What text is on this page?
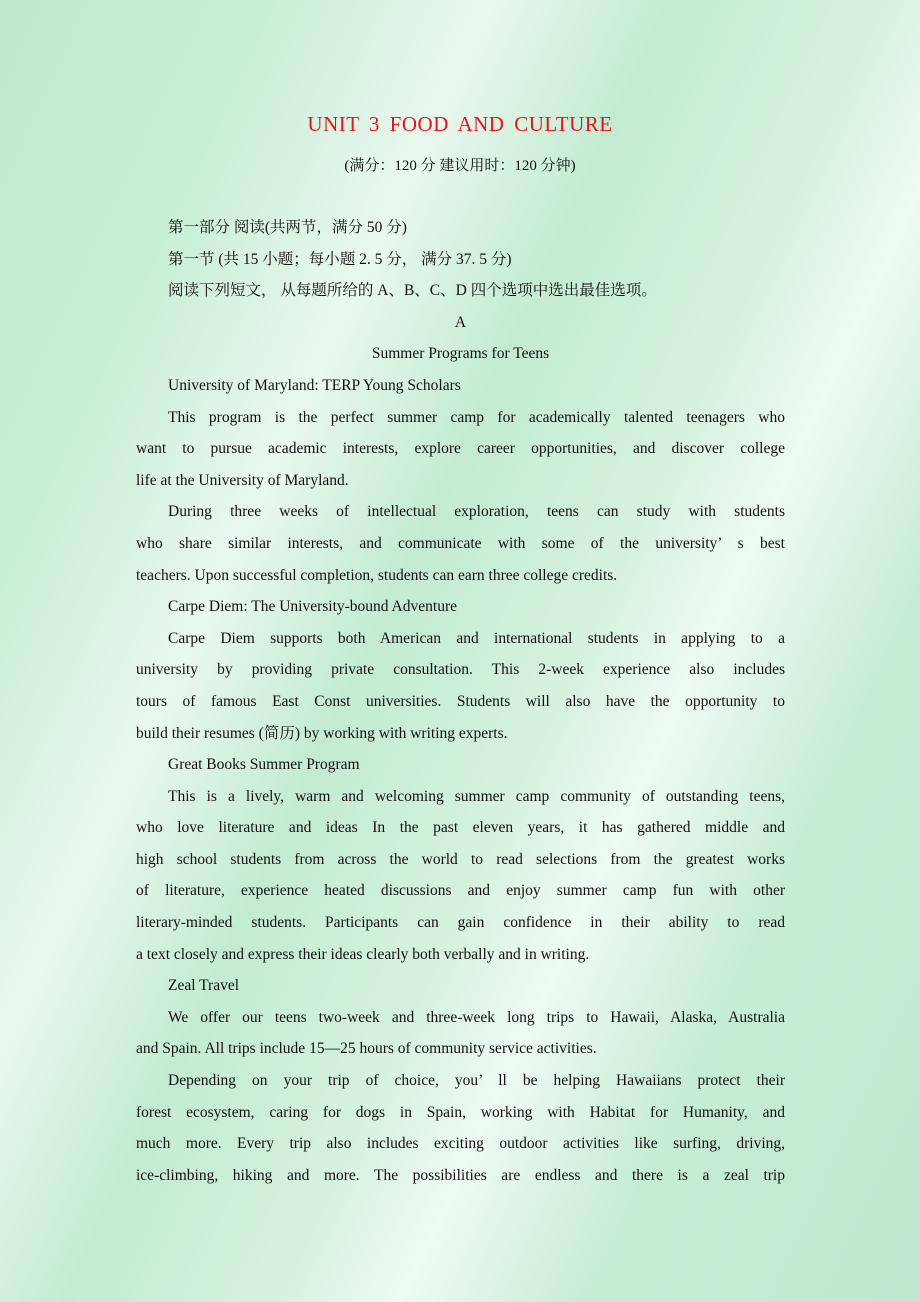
UNIT 3 FOOD AND CULTURE
(满分：120 分 建议用时：120 分钟)
第一部分 阅读(共两节，满分 50 分)
第一节 (共 15 小题；每小题 2. 5 分， 满分 37. 5 分)
阅读下列短文， 从每题所给的 A、B、C、D 四个选项中选出最佳选项。
A
Summer Programs for Teens
University of Maryland: TERP Young Scholars
This program is the perfect summer camp for academically talented teenagers who
want to pursue academic interests, explore career opportunities, and discover college
life at the University of Maryland.
During three weeks of intellectual exploration, teens can study with students
who share similar interests, and communicate with some of the university’ s best
teachers. Upon successful completion, students can earn three college credits.
Carpe Diem: The University-bound Adventure
Carpe Diem supports both American and international students in applying to a
university by providing private consultation. This 2-week experience also includes
tours of famous East Const universities. Students will also have the opportunity to
build their resumes (简历) by working with writing experts.
Great Books Summer Program
This is a lively, warm and welcoming summer camp community of outstanding teens,
who love literature and ideas In the past eleven years, it has gathered middle and
high school students from across the world to read selections from the greatest works
of literature, experience heated discussions and enjoy summer camp fun with other
literary-minded students. Participants can gain confidence in their ability to read
a text closely and express their ideas clearly both verbally and in writing.
Zeal Travel
We offer our teens two-week and three-week long trips to Hawaii, Alaska, Australia
and Spain. All trips include 15—25 hours of community service activities.
Depending on your trip of choice, you’ ll be helping Hawaiians protect their
forest ecosystem, caring for dogs in Spain, working with Habitat for Humanity, and
much more. Every trip also includes exciting outdoor activities like surfing, driving,
ice-climbing, hiking and more. The possibilities are endless and there is a zeal trip
